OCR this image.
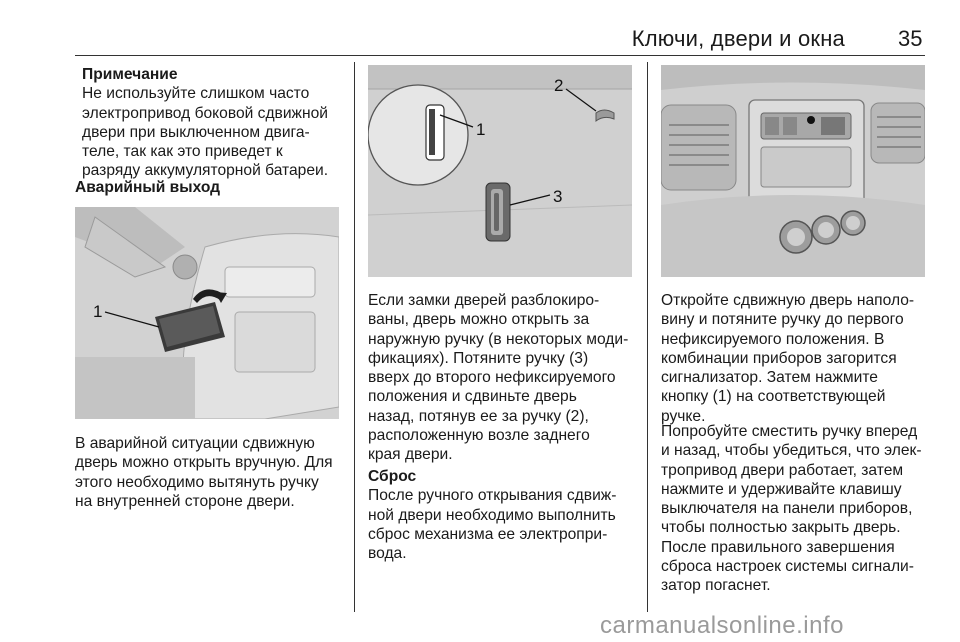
Ключи, двери и окна 35

Примечание

Не используйте слишком часто

электропривод боковой сдвижной

двери при выключенном двига-

теле, так как это приведет к

разряду аккумуляторной батареи.

Аварийный выход
1

В аварийной ситуации сдвижную

дверь можно открыть вручную. Для

этого необходимо вытянуть ручку

на внутренней стороне двери.

1
2
3

Если замки дверей разблокиро-

ваны, дверь можно открыть за

наружную ручку (в некоторых моди-

фикациях). Потяните ручку (3)

вверх до второго нефиксируемого

положения и сдвиньте дверь

назад, потянув ее за ручку (2),

расположенную возле заднего

края двери.

Сброс

После ручного открывания сдвиж-

ной двери необходимо выполнить

сброс механизма ее электропри-

вода.

Откройте сдвижную дверь наполо-

вину и потяните ручку до первого

нефиксируемого положения. В

комбинации приборов загорится

сигнализатор. Затем нажмите

кнопку (1) на соответствующей

ручке.

Попробуйте сместить ручку вперед

и назад, чтобы убедиться, что элек-

тропривод двери работает, затем

нажмите и удерживайте клавишу

выключателя на панели приборов,

чтобы полностью закрыть дверь.

После правильного завершения

сброса настроек системы сигнали-

затор погаснет.

carmanualsonline.info
